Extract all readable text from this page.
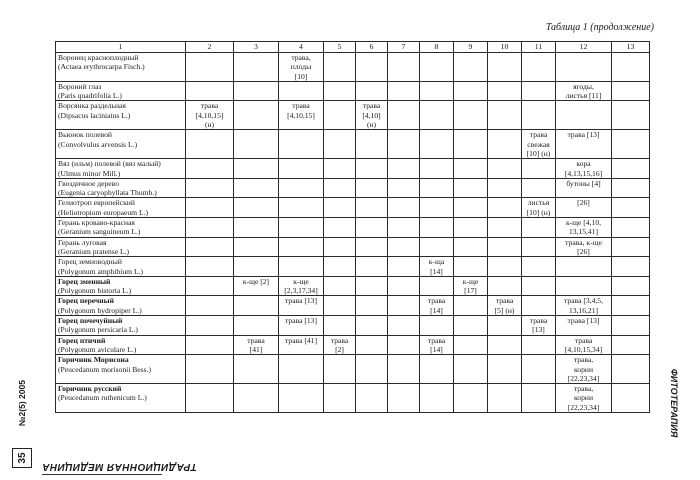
Таблица 1 (продолжение)
1	2	3	4	5	6	7	8	9	10	11	12	13

Воронец красноплодный
(Actaea erythrocarpa Fisch.)			трава,
плоды
[10]									

Вороний глаз
(Paris quadrifolia L.)											ягоды,
листья [11]	

Ворсянка раздельная
(Dipsacus laciniatus L.)	трава
[4,10,15]
(н)		трава
[4,10,15]		трава
[4,10]
(н)							

Вьюнок полевой
(Convolvulus arvensis L.)										трава
свежая
[10] (н)	трава [13]	

Вяз (ильм) полевой (вяз малый)
(Ulmus minor Mill.)											кора
[4,13,15,16]	

Гвоздичное дерево
(Eugenia caryophyllata Thumb.)											бутоны [4]	

Гелиотроп европейский
(Heliotropium europaeum L.)										листья
[10] (н)	[26]	

Герань кроваво-красная
(Geranium sanguineum L.)											к-ще [4,10,
13,15,41]	

Герань луговая
(Geranium pratense L.)											трава, к-ще
[26]	

Горец земноводный
(Polygonum amphibium L.)							к-ща
[14]					

Горец змеиный
(Polygonum bistorta L.)		к-ще [2]	к-ще
[2,3,17,34]					к-ще
[17]				

Горец перечный
(Polygonum hydropiper L.)			трава [13]				трава
[14]		трава
[5] (н)		трава [3,4,5,
13,16,21]	

Горец почечуйный
(Polygonum persicaria L.)			трава [13]							трава
[13]	трава [13]	

Горец птичий
(Polygonum aviculare L.)		трава
[41]	трава [41]	трава
[2]			трава
[14]				трава
[4,10,15,34]	

Горичник Морисона
(Peucedanum morisonii Bess.)											трава,
корни
[22,23,34]	

Горичник русский
(Peucedanum ruthenicum L.)											трава,
корни
[22,23,34]	
35
№2(5) 2005
ТРАДИЦИОННАЯ МЕДИЦИНА
ФИТОТЕРАПИЯ
